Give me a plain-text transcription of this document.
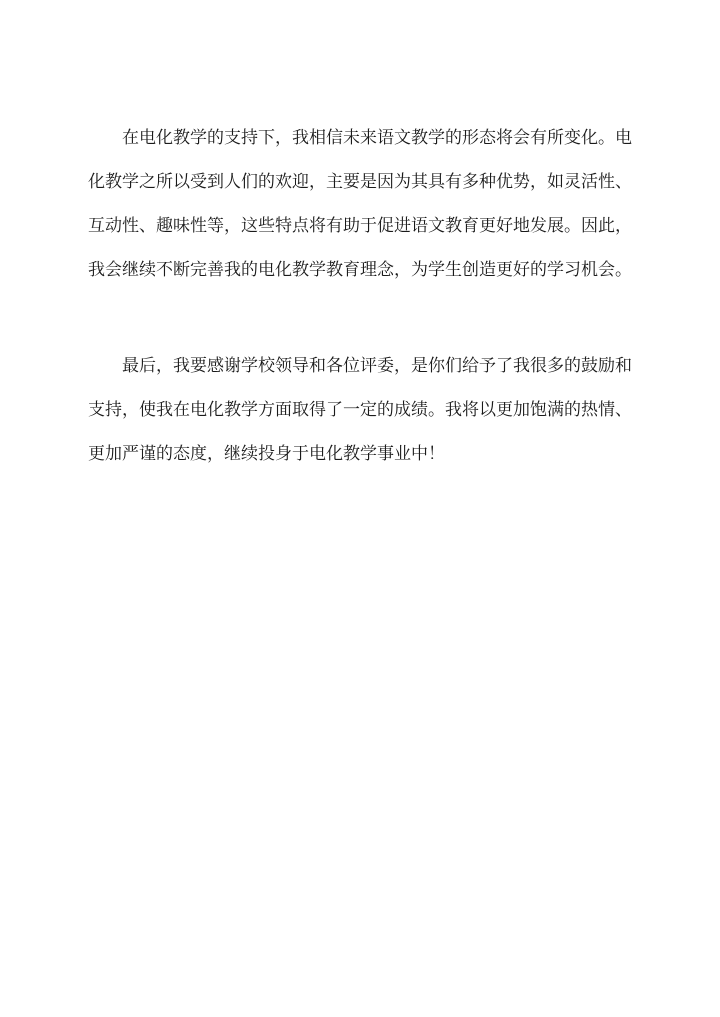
在电化教学的支持下，我相信未来语文教学的形态将会有所变化。电

化教学之所以受到人们的欢迎，主要是因为其具有多种优势，如灵活性、

互动性、趣味性等，这些特点将有助于促进语文教育更好地发展。因此，

我会继续不断完善我的电化教学教育理念，为学生创造更好的学习机会。

最后，我要感谢学校领导和各位评委，是你们给予了我很多的鼓励和

支持，使我在电化教学方面取得了一定的成绩。我将以更加饱满的热情、

更加严谨的态度，继续投身于电化教学事业中！
